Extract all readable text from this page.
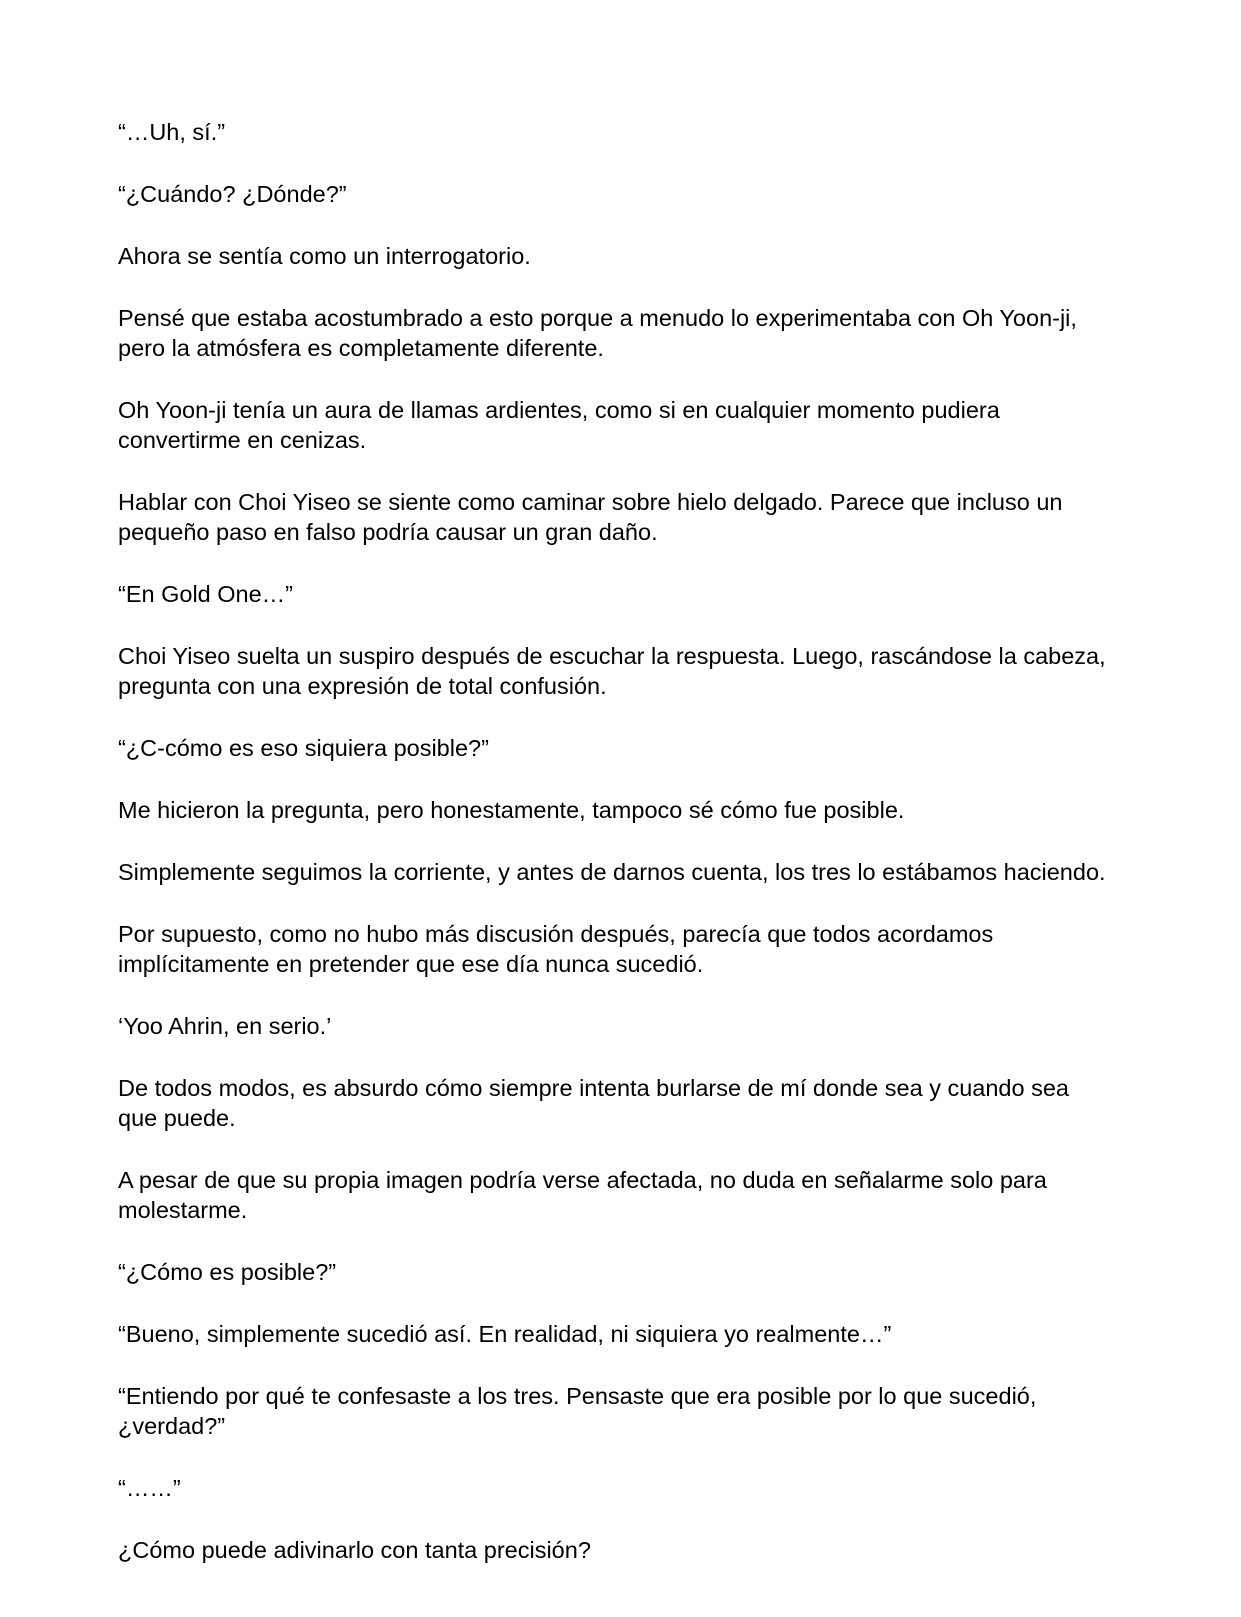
“…Uh, sí.”

“¿Cuándo? ¿Dónde?”

Ahora se sentía como un interrogatorio.

Pensé que estaba acostumbrado a esto porque a menudo lo experimentaba con Oh Yoon-ji, pero la atmósfera es completamente diferente.

Oh Yoon-ji tenía un aura de llamas ardientes, como si en cualquier momento pudiera convertirme en cenizas.

Hablar con Choi Yiseo se siente como caminar sobre hielo delgado. Parece que incluso un pequeño paso en falso podría causar un gran daño.

“En Gold One…”

Choi Yiseo suelta un suspiro después de escuchar la respuesta. Luego, rascándose la cabeza, pregunta con una expresión de total confusión.

“¿C-cómo es eso siquiera posible?”

Me hicieron la pregunta, pero honestamente, tampoco sé cómo fue posible.

Simplemente seguimos la corriente, y antes de darnos cuenta, los tres lo estábamos haciendo.

Por supuesto, como no hubo más discusión después, parecía que todos acordamos implícitamente en pretender que ese día nunca sucedió.

‘Yoo Ahrin, en serio.’

De todos modos, es absurdo cómo siempre intenta burlarse de mí donde sea y cuando sea que puede.

A pesar de que su propia imagen podría verse afectada, no duda en señalarme solo para molestarme.

“¿Cómo es posible?”

“Bueno, simplemente sucedió así. En realidad, ni siquiera yo realmente…”

“Entiendo por qué te confesaste a los tres. Pensaste que era posible por lo que sucedió, ¿verdad?”

“……”

¿Cómo puede adivinarlo con tanta precisión?
